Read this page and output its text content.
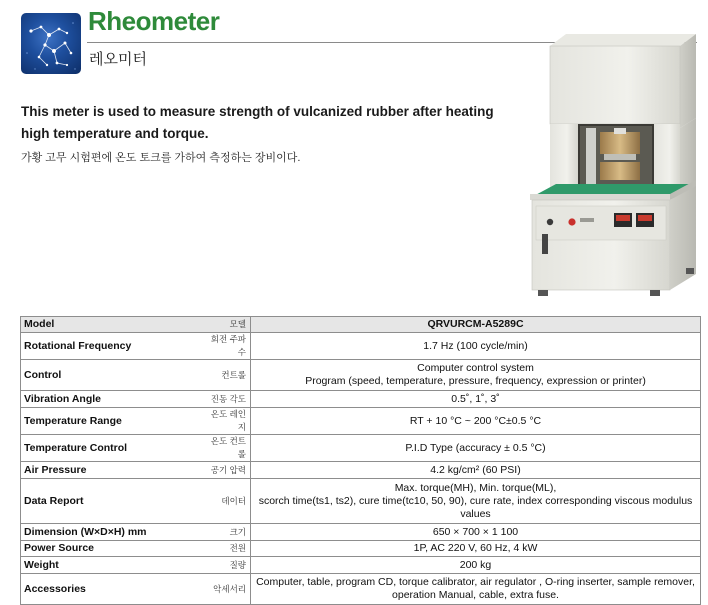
Rheometer
레오미터
This meter is used to measure strength of vulcanized rubber after heating high temperature and torque.
가황 고무 시험편에 온도 토크를 가하여 측정하는 장비이다.
Model	모델	QRVURCM-A5289C
Rotational Frequency	회전 주파수	1.7 Hz (100 cycle/min)
Control	컨트롤	Computer control system
Program (speed, temperature, pressure, frequency, expression or printer)

Vibration Angle	진동 각도	0.5˚, 1˚, 3˚
Temperature Range	온도 레인지	RT + 10 °C ~ 200 °C±0.5 °C
Temperature Control	온도 컨트롤	P.I.D Type (accuracy ± 0.5 °C)
Air Pressure	공기 압력	4.2 kg/cm² (60 PSI)
Data Report	데이터	Max. torque(MH), Min. torque(ML),
scorch time(ts1, ts2), cure time(tc10, 50, 90), cure rate, index corresponding viscous modulus
values

Dimension (W×D×H) mm	크기	650 × 700 × 1 100
Power Source	전원	1P, AC 220 V, 60 Hz, 4 kW
Weight	질량	200 kg
Accessories	악세서리	Computer, table, program CD, torque calibrator, air regulator , O-ring inserter, sample remover,
operation Manual, cable, extra fuse.
